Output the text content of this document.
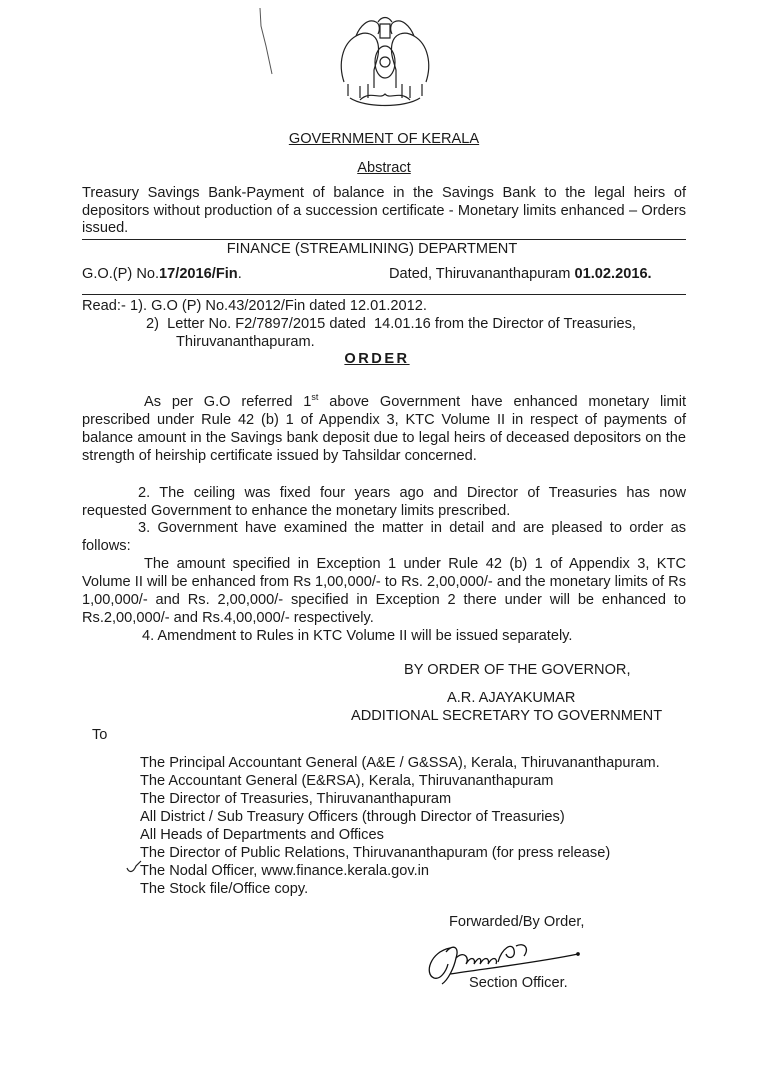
GOVERNMENT OF KERALA
Abstract
Treasury Savings Bank-Payment of balance in the Savings Bank to the legal heirs of depositors without production of a succession certificate - Monetary limits enhanced – Orders issued.
FINANCE (STREAMLINING) DEPARTMENT
G.O.(P) No.17/2016/Fin.	Dated, Thiruvananthapuram 01.02.2016.
Read:- 1). G.O (P) No.43/2012/Fin dated 12.01.2012.
2)  Letter No. F2/7897/2015 dated  14.01.16 from the Director of Treasuries,
Thiruvananthapuram.
ORDER
As per G.O referred 1st above Government have enhanced monetary limit prescribed under Rule 42 (b) 1 of Appendix 3, KTC Volume II in respect of payments of balance amount in the Savings bank deposit due to legal heirs of deceased depositors on the strength of heirship certificate issued by Tahsildar concerned.
2. The ceiling was fixed four years ago and Director of Treasuries has now requested Government to enhance the monetary limits prescribed.
3. Government have examined the matter in detail and are pleased to order as follows:
The amount specified in Exception 1 under Rule 42 (b) 1 of Appendix 3, KTC Volume II will be enhanced from Rs 1,00,000/- to Rs. 2,00,000/- and the monetary limits of Rs 1,00,000/- and Rs. 2,00,000/- specified in Exception 2 there under will be enhanced to Rs.2,00,000/- and Rs.4,00,000/- respectively.
4. Amendment to Rules in KTC Volume II will be issued separately.
BY ORDER OF THE GOVERNOR,
A.R. AJAYAKUMAR
ADDITIONAL SECRETARY TO GOVERNMENT
To
The Principal Accountant General (A&E / G&SSA), Kerala, Thiruvananthapuram.
The Accountant General (E&RSA), Kerala, Thiruvananthapuram
The Director of Treasuries, Thiruvananthapuram
All District / Sub Treasury Officers (through Director of Treasuries)
All Heads of Departments and Offices
The Director of Public Relations, Thiruvananthapuram (for press release)
The Nodal Officer, www.finance.kerala.gov.in
The Stock file/Office copy.
Forwarded/By Order,
Section Officer.
